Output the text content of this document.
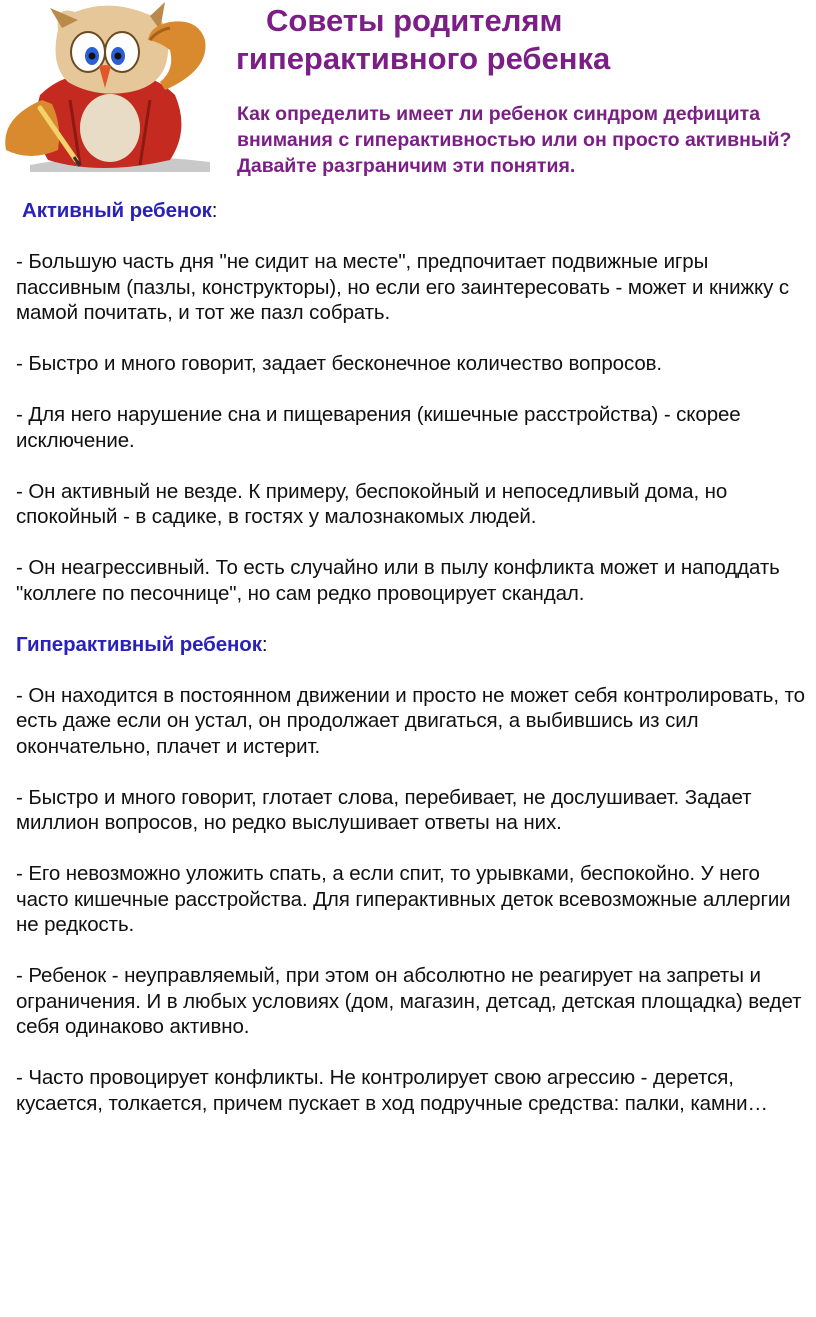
Советы родителям
гиперактивного ребенка

Как определить имеет ли ребенок синдром дефицита внимания с гиперактивностью или он просто активный? Давайте разграничим эти понятия.

Активный ребенок:

- Большую часть дня "не сидит на месте", предпочитает подвижные игры пассивным (пазлы, конструкторы), но если его заинтересовать - может и книжку с мамой почитать, и тот же пазл собрать.

- Быстро и много говорит, задает бесконечное количество вопросов.

- Для него нарушение сна и пищеварения (кишечные расстройства) - скорее исключение.

- Он активный не везде. К примеру, беспокойный и непоседливый дома, но спокойный - в садике, в гостях у малознакомых людей.

- Он неагрессивный. То есть случайно или в пылу конфликта может и наподдать "коллеге по песочнице", но сам редко провоцирует скандал.

Гиперактивный ребенок:

- Он находится в постоянном движении и просто не может себя контролировать, то есть даже если он устал, он продолжает двигаться, а выбившись из сил окончательно, плачет и истерит.

- Быстро и много говорит, глотает слова, перебивает, не дослушивает. Задает миллион вопросов, но редко выслушивает ответы на них.

- Его невозможно уложить спать, а если спит, то урывками, беспокойно. У него часто кишечные расстройства. Для гиперактивных деток всевозможные аллергии не редкость.

- Ребенок - неуправляемый, при этом он абсолютно не реагирует на запреты и ограничения. И в любых условиях (дом, магазин, детсад, детская площадка) ведет себя одинаково активно.

- Часто провоцирует конфликты. Не контролирует свою агрессию - дерется, кусается, толкается, причем пускает в ход подручные средства: палки, камни…
